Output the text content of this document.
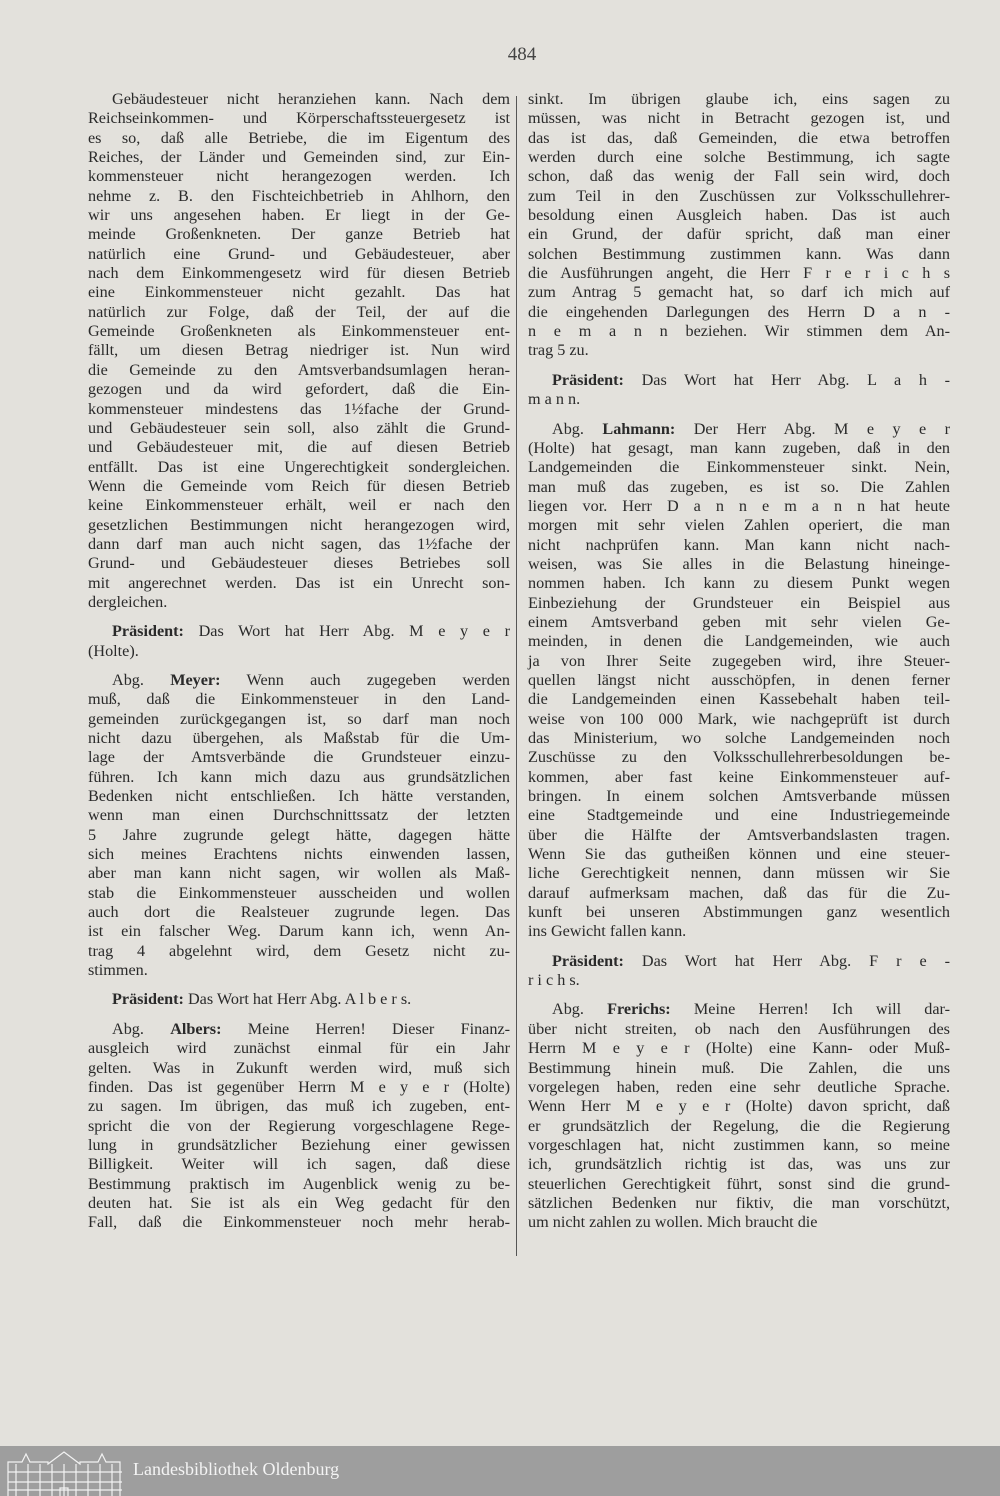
484
Gebäudesteuer nicht heranziehen kann. Nach dem
Reichseinkommen- und Körperschaftssteuergesetz ist
es so, daß alle Betriebe, die im Eigentum des
Reiches, der Länder und Gemeinden sind, zur Ein-
kommensteuer nicht herangezogen werden. Ich
nehme z. B. den Fischteichbetrieb in Ahlhorn, den
wir uns angesehen haben. Er liegt in der Ge-
meinde Großenkneten. Der ganze Betrieb hat
natürlich eine Grund- und Gebäudesteuer, aber
nach dem Einkommengesetz wird für diesen Betrieb
eine Einkommensteuer nicht gezahlt. Das hat
natürlich zur Folge, daß der Teil, der auf die
Gemeinde Großenkneten als Einkommensteuer ent-
fällt, um diesen Betrag niedriger ist. Nun wird
die Gemeinde zu den Amtsverbandsumlagen heran-
gezogen und da wird gefordert, daß die Ein-
kommensteuer mindestens das 1½fache der Grund-
und Gebäudesteuer sein soll, also zählt die Grund-
und Gebäudesteuer mit, die auf diesen Betrieb
entfällt. Das ist eine Ungerechtigkeit sondergleichen.
Wenn die Gemeinde vom Reich für diesen Betrieb
keine Einkommensteuer erhält, weil er nach den
gesetzlichen Bestimmungen nicht herangezogen wird,
dann darf man auch nicht sagen, das 1½fache der
Grund- und Gebäudesteuer dieses Betriebes soll
mit angerechnet werden. Das ist ein Unrecht son-
dergleichen.
Präsident: Das Wort hat Herr Abg. M e y e r
(Holte).
Abg. Meyer: Wenn auch zugegeben werden
muß, daß die Einkommensteuer in den Land-
gemeinden zurückgegangen ist, so darf man noch
nicht dazu übergehen, als Maßstab für die Um-
lage der Amtsverbände die Grundsteuer einzu-
führen. Ich kann mich dazu aus grundsätzlichen
Bedenken nicht entschließen. Ich hätte verstanden,
wenn man einen Durchschnittssatz der letzten
5 Jahre zugrunde gelegt hätte, dagegen hätte
sich meines Erachtens nichts einwenden lassen,
aber man kann nicht sagen, wir wollen als Maß-
stab die Einkommensteuer ausscheiden und wollen
auch dort die Realsteuer zugrunde legen. Das
ist ein falscher Weg. Darum kann ich, wenn An-
trag 4 abgelehnt wird, dem Gesetz nicht zu-
stimmen.
Präsident: Das Wort hat Herr Abg. A l b e r s.
Abg. Albers: Meine Herren! Dieser Finanz-
ausgleich wird zunächst einmal für ein Jahr
gelten. Was in Zukunft werden wird, muß sich
finden. Das ist gegenüber Herrn M e y e r (Holte)
zu sagen. Im übrigen, das muß ich zugeben, ent-
spricht die von der Regierung vorgeschlagene Rege-
lung in grundsätzlicher Beziehung einer gewissen
Billigkeit. Weiter will ich sagen, daß diese
Bestimmung praktisch im Augenblick wenig zu be-
deuten hat. Sie ist als ein Weg gedacht für den
Fall, daß die Einkommensteuer noch mehr herab-
sinkt. Im übrigen glaube ich, eins sagen zu
müssen, was nicht in Betracht gezogen ist, und
das ist das, daß Gemeinden, die etwa betroffen
werden durch eine solche Bestimmung, ich sagte
schon, daß das wenig der Fall sein wird, doch
zum Teil in den Zuschüssen zur Volksschullehrer-
besoldung einen Ausgleich haben. Das ist auch
ein Grund, der dafür spricht, daß man einer
solchen Bestimmung zustimmen kann. Was dann
die Ausführungen angeht, die Herr F r e r i c h s
zum Antrag 5 gemacht hat, so darf ich mich auf
die eingehenden Darlegungen des Herrn D a n -
n e m a n n beziehen. Wir stimmen dem An-
trag 5 zu.
Präsident: Das Wort hat Herr Abg. L a h -
m a n n.
Abg. Lahmann: Der Herr Abg. M e y e r
(Holte) hat gesagt, man kann zugeben, daß in den
Landgemeinden die Einkommensteuer sinkt. Nein,
man muß das zugeben, es ist so. Die Zahlen
liegen vor. Herr D a n n e m a n n hat heute
morgen mit sehr vielen Zahlen operiert, die man
nicht nachprüfen kann. Man kann nicht nach-
weisen, was Sie alles in die Belastung hineinge-
nommen haben. Ich kann zu diesem Punkt wegen
Einbeziehung der Grundsteuer ein Beispiel aus
einem Amtsverband geben mit sehr vielen Ge-
meinden, in denen die Landgemeinden, wie auch
ja von Ihrer Seite zugegeben wird, ihre Steuer-
quellen längst nicht ausschöpfen, in denen ferner
die Landgemeinden einen Kassebehalt haben teil-
weise von 100 000 Mark, wie nachgeprüft ist durch
das Ministerium, wo solche Landgemeinden noch
Zuschüsse zu den Volksschullehrerbesoldungen be-
kommen, aber fast keine Einkommensteuer auf-
bringen. In einem solchen Amtsverbande müssen
eine Stadtgemeinde und eine Industriegemeinde
über die Hälfte der Amtsverbandslasten tragen.
Wenn Sie das gutheißen können und eine steuer-
liche Gerechtigkeit nennen, dann müssen wir Sie
darauf aufmerksam machen, daß das für die Zu-
kunft bei unseren Abstimmungen ganz wesentlich
ins Gewicht fallen kann.
Präsident: Das Wort hat Herr Abg. F r e -
r i c h s.
Abg. Frerichs: Meine Herren! Ich will dar-
über nicht streiten, ob nach den Ausführungen des
Herrn M e y e r (Holte) eine Kann- oder Muß-
Bestimmung hinein muß. Die Zahlen, die uns
vorgelegen haben, reden eine sehr deutliche Sprache.
Wenn Herr M e y e r (Holte) davon spricht, daß
er grundsätzlich der Regelung, die die Regierung
vorgeschlagen hat, nicht zustimmen kann, so meine
ich, grundsätzlich richtig ist das, was uns zur
steuerlichen Gerechtigkeit führt, sonst sind die grund-
sätzlichen Bedenken nur fiktiv, die man vorschützt,
um nicht zahlen zu wollen. Mich braucht die
Landesbibliothek Oldenburg
